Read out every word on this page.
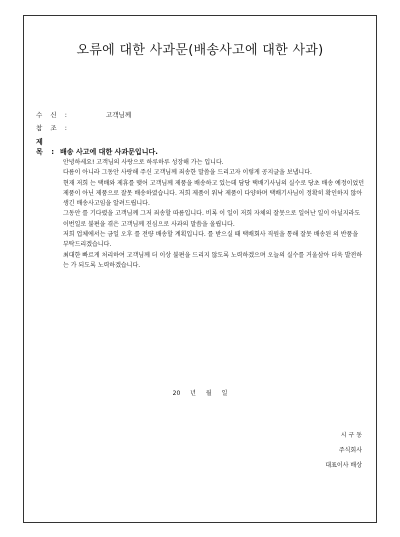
오류에 대한 사과문(배송사고에 대한 사과)
수 신 :	고객님께
참 조 :
제 목 : 배송 사고에 대한 사과문입니다.

안녕하세요! 고객님의 사랑으로 하루하루 성장해 가는 입니다.

다름이 아니라 그동안 사랑해 주신 고객님께 죄송한 말씀을 드리고자 이렇게 공지글을 보냅니다.

현재 저희 는 택배와 제휴를 맺어 고객님께 제품을 배송하고 있는데 담당 택배기사님의 실수로 당초 배송 예정이었던 제품이 아닌 제품으로 잘못 배송하였습니다. 저희 제품이 워낙 제품이 다양하며 택배기사님이 정확히 확인하지 않아 생긴 배송사고임을 알려드립니다.

그동안 를 기다렸을 고객님께 그저 죄송할 따름입니다. 비록 이 일이 저희 자체의 잘못으로 일어난 일이 아닐지라도 이번일로 불편을 겪은 고객님께 진심으로 사과의 말씀을 올립니다.

저희 업체에서는 금일 오후 를 전량 배송할 계획입니다. 를 받으실 때 택배회사 직원을 통해 잘못 배송된 의 반품을 부탁드리겠습니다.

최대한 빠르게 처리하여 고객님께 더 이상 불편을 드리지 않도록 노력하겠으며 오늘의 실수를 거울삼아 더욱 발전하는 가 되도록 노력하겠습니다.

20 년 월 일
시 구 동
주식회사
대표이사 배상
